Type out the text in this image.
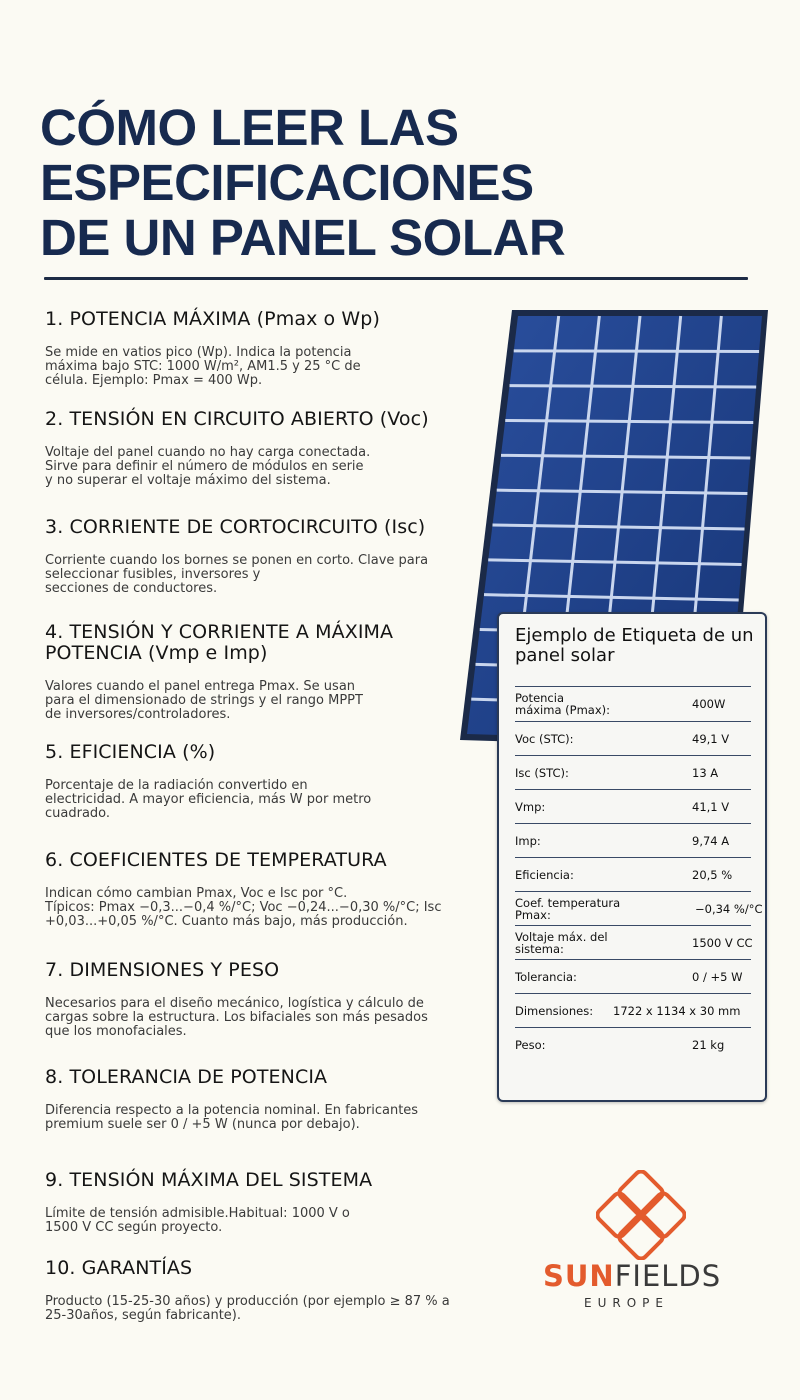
CÓMO LEER LAS
ESPECIFICACIONES
DE UN PANEL SOLAR
1. POTENCIA MÁXIMA (Pmax o Wp)

Se mide en vatios pico (Wp). Indica la potencia
máxima bajo STC: 1000 W/m², AM1.5 y 25 °C de
célula. Ejemplo: Pmax = 400 Wp.

2. TENSIÓN EN CIRCUITO ABIERTO (Voc)

Voltaje del panel cuando no hay carga conectada.
Sirve para definir el número de módulos en serie
y no superar el voltaje máximo del sistema.

3. CORRIENTE DE CORTOCIRCUITO (Isc)

Corriente cuando los bornes se ponen en corto. Clave para
seleccionar fusibles, inversores y
secciones de conductores.

4. TENSIÓN Y CORRIENTE A MÁXIMA
POTENCIA (Vmp e Imp)

Valores cuando el panel entrega Pmax. Se usan
para el dimensionado de strings y el rango MPPT
de inversores/controladores.

5. EFICIENCIA (%)

Porcentaje de la radiación convertido en
electricidad. A mayor eficiencia, más W por metro
cuadrado.

6. COEFICIENTES DE TEMPERATURA

Indican cómo cambian Pmax, Voc e Isc por °C.
Típicos: Pmax −0,3...−0,4 %/°C; Voc −0,24...−0,30 %/°C; Isc
+0,03...+0,05 %/°C. Cuanto más bajo, más producción.

7. DIMENSIONES Y PESO

Necesarios para el diseño mecánico, logística y cálculo de
cargas sobre la estructura. Los bifaciales son más pesados
que los monofaciales.

8. TOLERANCIA DE POTENCIA

Diferencia respecto a la potencia nominal. En fabricantes
premium suele ser 0 / +5 W (nunca por debajo).

9. TENSIÓN MÁXIMA DEL SISTEMA

Límite de tensión admisible.Habitual: 1000 V o
1500 V CC según proyecto.

10. GARANTÍAS

Producto (15-25-30 años) y producción (por ejemplo ≥ 87 % a
25-30años, según fabricante).

Ejemplo de Etiqueta de un panel solar
Potencia
máxima (Pmax):	400W
Voc (STC):	49,1 V
Isc (STC):	13 A
Vmp:	41,1 V
Imp:	9,74 A
Eficiencia:	20,5 %
Coef. temperatura
Pmax:	−0,34 %/°C
Voltaje máx. del
sistema:	1500 V CC
Tolerancia:	0 / +5 W
Dimensiones:	1722 x 1134 x 30 mm
Peso:	21 kg
SUNFIELDS
EUROPE
